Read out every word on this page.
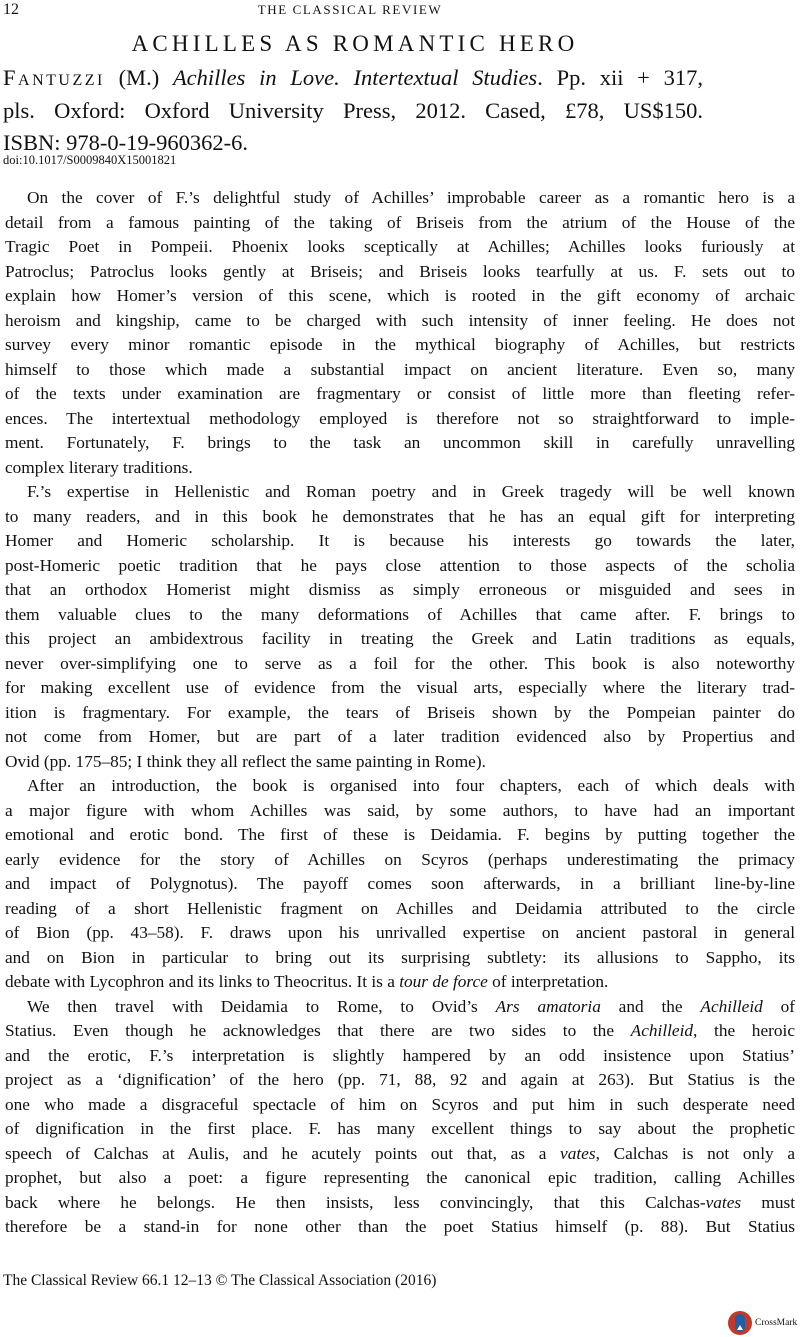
12	THE CLASSICAL REVIEW
ACHILLES AS ROMANTIC HERO
Fantuzzi (M.) Achilles in Love. Intertextual Studies. Pp. xii + 317,
pls. Oxford: Oxford University Press, 2012. Cased, £78, US$150.
ISBN: 978-0-19-960362-6.
doi:10.1017/S0009840X15001821
On the cover of F.’s delightful study of Achilles’ improbable career as a romantic hero is a
detail from a famous painting of the taking of Briseis from the atrium of the House of the
Tragic Poet in Pompeii. Phoenix looks sceptically at Achilles; Achilles looks furiously at
Patroclus; Patroclus looks gently at Briseis; and Briseis looks tearfully at us. F. sets out to
explain how Homer’s version of this scene, which is rooted in the gift economy of archaic
heroism and kingship, came to be charged with such intensity of inner feeling. He does not
survey every minor romantic episode in the mythical biography of Achilles, but restricts
himself to those which made a substantial impact on ancient literature. Even so, many
of the texts under examination are fragmentary or consist of little more than fleeting refer-
ences. The intertextual methodology employed is therefore not so straightforward to imple-
ment. Fortunately, F. brings to the task an uncommon skill in carefully unravelling
complex literary traditions.
F.’s expertise in Hellenistic and Roman poetry and in Greek tragedy will be well known
to many readers, and in this book he demonstrates that he has an equal gift for interpreting
Homer and Homeric scholarship. It is because his interests go towards the later,
post-Homeric poetic tradition that he pays close attention to those aspects of the scholia
that an orthodox Homerist might dismiss as simply erroneous or misguided and sees in
them valuable clues to the many deformations of Achilles that came after. F. brings to
this project an ambidextrous facility in treating the Greek and Latin traditions as equals,
never over-simplifying one to serve as a foil for the other. This book is also noteworthy
for making excellent use of evidence from the visual arts, especially where the literary trad-
ition is fragmentary. For example, the tears of Briseis shown by the Pompeian painter do
not come from Homer, but are part of a later tradition evidenced also by Propertius and
Ovid (pp. 175–85; I think they all reflect the same painting in Rome).
After an introduction, the book is organised into four chapters, each of which deals with
a major figure with whom Achilles was said, by some authors, to have had an important
emotional and erotic bond. The first of these is Deidamia. F. begins by putting together the
early evidence for the story of Achilles on Scyros (perhaps underestimating the primacy
and impact of Polygnotus). The payoff comes soon afterwards, in a brilliant line-by-line
reading of a short Hellenistic fragment on Achilles and Deidamia attributed to the circle
of Bion (pp. 43–58). F. draws upon his unrivalled expertise on ancient pastoral in general
and on Bion in particular to bring out its surprising subtlety: its allusions to Sappho, its
debate with Lycophron and its links to Theocritus. It is a tour de force of interpretation.
We then travel with Deidamia to Rome, to Ovid’s Ars amatoria and the Achilleid of
Statius. Even though he acknowledges that there are two sides to the Achilleid, the heroic
and the erotic, F.’s interpretation is slightly hampered by an odd insistence upon Statius’
project as a ‘dignification’ of the hero (pp. 71, 88, 92 and again at 263). But Statius is the
one who made a disgraceful spectacle of him on Scyros and put him in such desperate need
of dignification in the first place. F. has many excellent things to say about the prophetic
speech of Calchas at Aulis, and he acutely points out that, as a vates, Calchas is not only a
prophet, but also a poet: a figure representing the canonical epic tradition, calling Achilles
back where he belongs. He then insists, less convincingly, that this Calchas-vates must
therefore be a stand-in for none other than the poet Statius himself (p. 88). But Statius
The Classical Review 66.1 12–13 © The Classical Association (2016)
CrossMark
